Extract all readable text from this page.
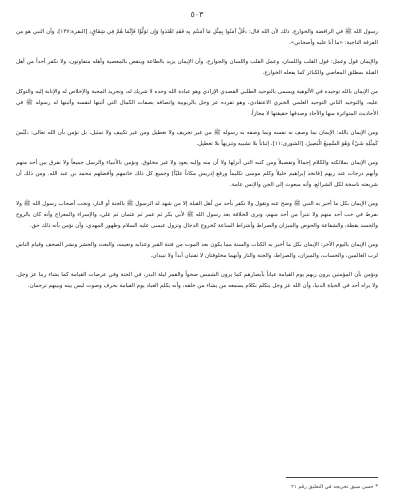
٥٠٣

رسول الله ﷺ في الرافضة والخوارج. ذلك لأن الله قال: ﴿قُلْ آمَنُوا بِمِثْلِ مَا آمَنتُم بِهِ فَقَدِ اهْتَدَوا وَإِن تَوَلَّوْا فَإِنَّمَا هُمْ فِي شِقَاقٍ﴾ [البقرة:١٣٧]، وأن النبي هو من الفرقة الناجية: «ما أنا عليه وأصحابي».

والإيمان قول وعمل: قول القلب واللسان، وعمل القلب واللسان والجوارح. وأن الإيمان يزيد بالطاعة وينقص بالمعصية وأهله متفاوتون، ولا نكفر أحداً من أهل القبلة بمطلق المعاصي والكبائر كما يفعله الخوارج.

من الإيمان بالله توحيده في الألوهية ويسمى بالتوحيد الطلبي القصدي الإرادي وهو عبادة الله وحده لا شريك له، وتجريد المحبة والإخلاص له والإنابة إليه والتوكل عليه، والتوحيد الثاني التوحيد العلمي الخبري الاعتقادي، وهو تفرده عز وجل بالربوبية واتصافه بصفات الكمال التي أثبتها لنفسه وأثبتها له رسوله ﷺ في الأحاديث المتواترة منها والآحاد وصدقها حقيقتها لا مجازاً.

ومن الإيمان بالله: الإيمان بما وصف به نفسه وبما وصفه به رسوله ﷺ من غير تحريف ولا تعطيل ومن غير تكييف ولا تمثيل، بل نؤمن بأن الله تعالى: ﴿لَيْسَ كَمِثْلِهِ شَيْءٌ وَهُوَ السَّمِيعُ الْبَصِيرُ﴾ [الشورى:١١]، إثباتاً بلا تشبيه وتنزيهاً بلا تعطيل.

ومن الإيمان بملائكته والكلام إجمالاً وتفصيلاً ومن كتبه التي أنزلها ولا أن منه وإليه يعود ولا غير مخلوق. ونؤمن بالأنبياء والرسل جميعاً ولا نفرق بين أحد منهم وأنهم درجات عند ربهم [فاتخذ إبراهيم خليلاً وكلم موسى تكليماً ورفع إدريس مكاناً عليّاً] وجميع كل ذلك خاتمهم وأفضلهم محمد بن عبد الله. ومن ذلك أن شريعته ناسخة لكل الشرائع، وأنه مبعوث إلى الجن والإنس عامة.

ومن الإيمان بكل ما أخبر به النبي ﷺ وصح عنه وتقول ولا نكفر بأحد من أهل القبلة إلا من شهد له الرسول ﷺ بالجنة أو النار، ونحب أصحاب رسول الله ﷺ ولا نفرط في حب أحد منهم ولا نتبرأ من أحد منهم، ونرى الخلافة بعد رسول الله ﷺ لأبي بكر ثم عمر ثم عثمان ثم علي، والإسراء والمعراج وأنه كان بالروح والجسد يقظة، والشفاعة والحوض والميزان والصراط وأشراط الساعة كخروج الدجال ونزول عيسى عليه السلام وظهور المهدي، وأن نؤمن بأنه ذلك حق.

ومن الإيمان باليوم الآخر: الإيمان بكل ما أخبر به الكتاب والسنة مما يكون بعد الموت من فتنة القبر وعذابه ونعيمه، والبعث والحشر ونشر الصحف وقيام الناس لرب العالمين، والحساب، والميزان، والصراط، والجنة والنار وأنهما مخلوقتان لا تفنيان أبداً ولا تبيدان.

ونؤمن بأن المؤمنين يرون ربهم يوم القيامة عياناً بأبصارهم كما يرون الشمس صحواً والقمر ليلة البدر، في الجنة وفي عرصات القيامة كما يشاء ربنا عز وجل، ولا يراه أحد في الحياة الدنيا، وأن الله عز وجل يتكلم بكلام يسمعه من يشاء من خلقه، وأنه يكلم العباد يوم القيامة بحرف وصوت ليس بينه وبينهم ترجمان.

* حسن سبق تخريجه في التعليق رقم ٢١
